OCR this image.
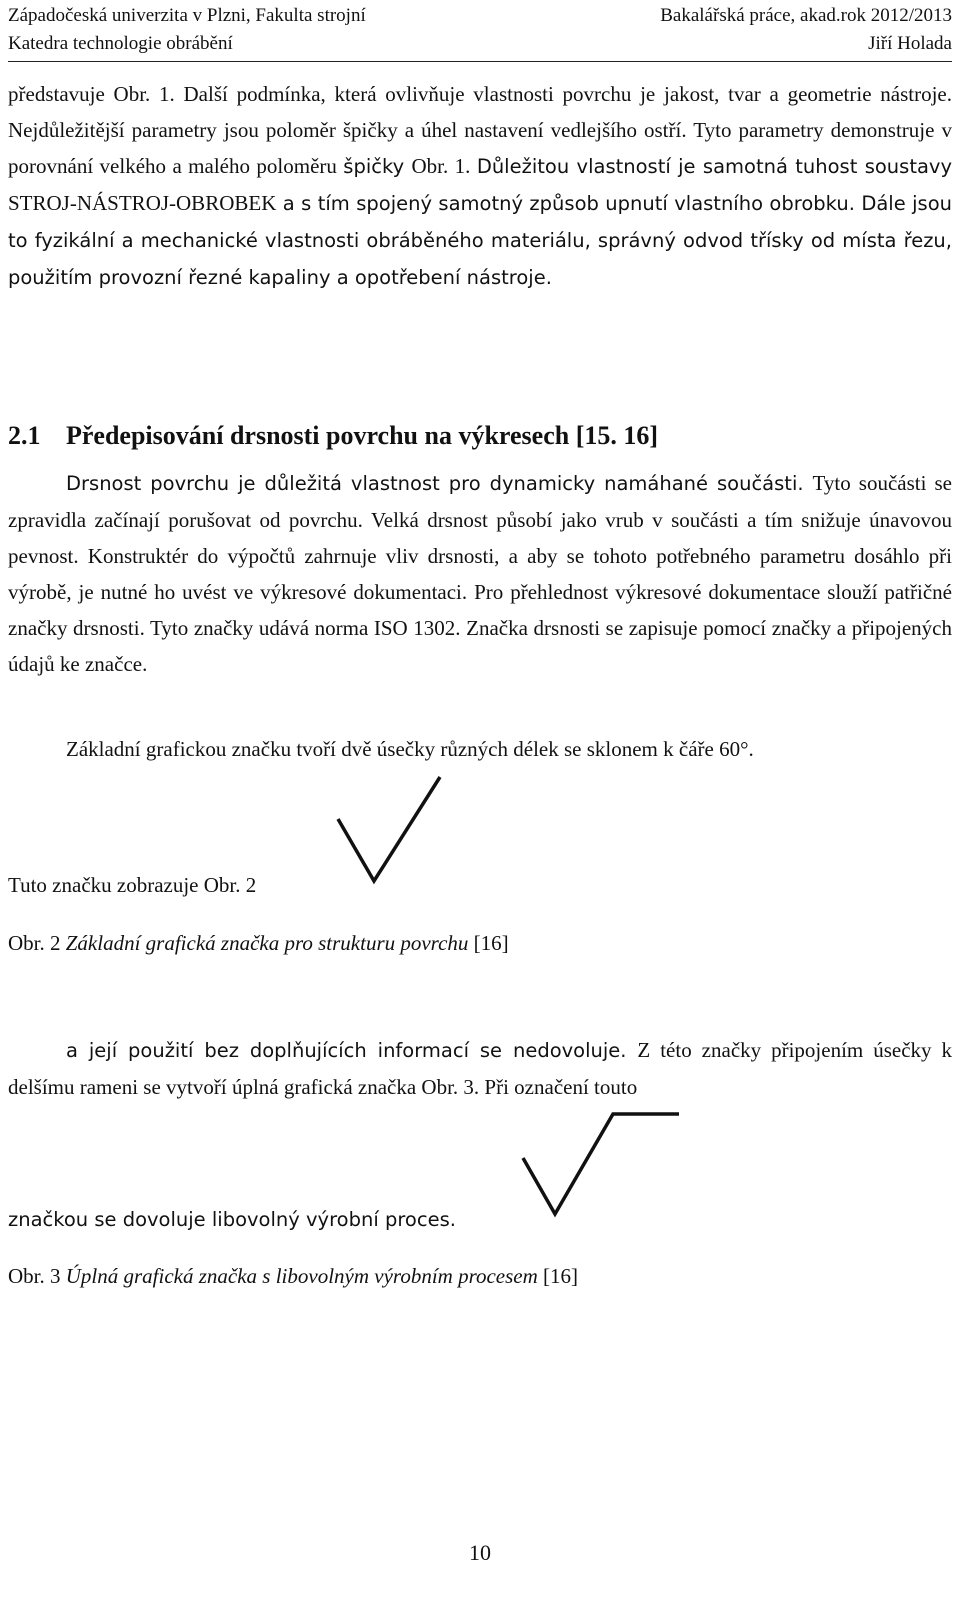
Západočeská univerzita v Plzni, Fakulta strojní	Bakalářská práce, akad.rok 2012/2013
Katedra technologie obrábění	Jiří Holada

představuje Obr. 1. Další podmínka, která ovlivňuje vlastnosti povrchu je jakost, tvar a geometrie nástroje. Nejdůležitější parametry jsou poloměr špičky a úhel nastavení vedlejšího ostří. Tyto parametry demonstruje v porovnání velkého a malého poloměru špičky Obr. 1. Důležitou vlastností je samotná tuhost soustavy STROJ-NÁSTROJ-OBROBEK a s tím spojený samotný způsob upnutí vlastního obrobku. Dále jsou to fyzikální a mechanické vlastnosti obráběného materiálu, správný odvod třísky od místa řezu, použitím provozní řezné kapaliny a opotřebení nástroje.

2.1 Předepisování drsnosti povrchu na výkresech [15. 16]

Drsnost povrchu je důležitá vlastnost pro dynamicky namáhané součásti. Tyto součásti se zpravidla začínají porušovat od povrchu. Velká drsnost působí jako vrub v součásti a tím snižuje únavovou pevnost. Konstruktér do výpočtů zahrnuje vliv drsnosti, a aby se tohoto potřebného parametru dosáhlo při výrobě, je nutné ho uvést ve výkresové dokumentaci. Pro přehlednost výkresové dokumentace slouží patřičné značky drsnosti. Tyto značky udává norma ISO 1302. Značka drsnosti se zapisuje pomocí značky a připojených údajů ke značce.

Základní grafickou značku tvoří dvě úsečky různých délek se sklonem k čáře 60°.

Tuto značku zobrazuje Obr. 2
Obr. 2 Základní grafická značka pro strukturu povrchu [16]

a její použití bez doplňujících informací se nedovoluje. Z této značky připojením úsečky k delšímu rameni se vytvoří úplná grafická značka Obr. 3. Při označení touto

značkou se dovoluje libovolný výrobní proces.
Obr. 3 Úplná grafická značka s libovolným výrobním procesem [16]
10
